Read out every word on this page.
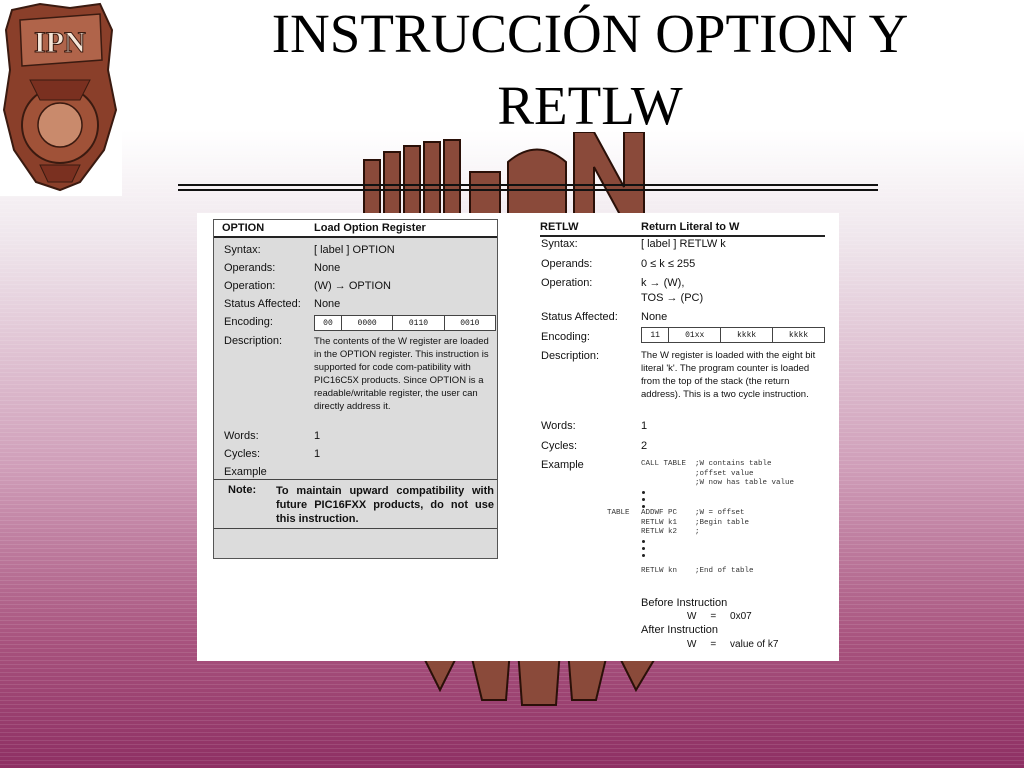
IPN	INSTRUCCIÓN OPTION Y
RETLW
OPTION	Load Option Register
Syntax:	[ label ] OPTION
Operands:	None
Operation:	(W) → OPTION
Status Affected: None
Encoding:	00	0000	0110	0010
Description:	The contents of the W register are loaded in the OPTION register. This instruction is supported for code com-patibility with PIC16C5X products. Since OPTION is a readable/writable register, the user can directly address it.
Words:	1
Cycles:	1
Example
Note: To maintain upward compatibility with future PIC16FXX products, do not use this instruction.
RETLW	Return Literal to W
Syntax:	[ label ] RETLW k
Operands:	0 ≤ k ≤ 255
Operation:	k → (W),
TOS → (PC)
Status Affected: None
Encoding:	11	01xx	kkkk	kkkk
Description:	The W register is loaded with the eight bit literal 'k'. The program counter is loaded from the top of the stack (the return address). This is a two cycle instruction.
Words:	1
Cycles:	2
Example	CALL TABLE  ;W contains table
;offset value
;W now has table value
TABLE ADDWF PC    ;W = offset
RETLW k1    ;Begin table
RETLW k2    ;
RETLW kn    ;End of table
Before Instruction
W     =     0x07
After Instruction
W     =     value of k7
